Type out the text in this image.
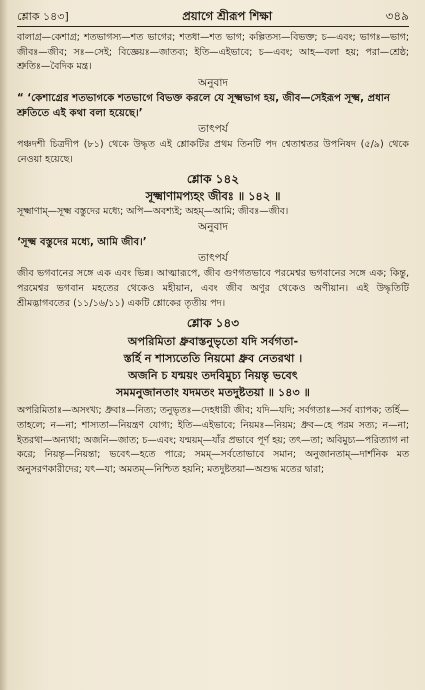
শ্লোক ১৪৩]	প্রয়াগে শ্রীরূপ শিক্ষা	৩৪৯

বালাগ্র—কেশাগ্র; শতভাগস্য—শত ভাগের; শতধা—শত ভাগ; কল্পিতস্য—বিভক্ত; চ—এবং; ভাগঃ—ভাগ; জীবঃ—জীব; সঃ—সেই; বিজ্ঞেয়ঃ—জাতব্য; ইতি—এইভাবে; চ—এবং; আহ—বলা হয়; পরা—শ্রেষ্ঠ; শ্রুতিঃ—বৈদিক মন্ত্র।

অনুবাদ

“ ‘কেশাগ্রের শতভাগকে শতভাগে বিভক্ত করলে যে সূক্ষ্মভাগ হয়, জীব—সেইরূপ সূক্ষ্ম, প্রধান শ্রুতিতে এই কথা বলা হয়েছে।’

তাৎপর্য

পঞ্চদশী চিত্রদীপ (৮১) থেকে উদ্ধৃত এই শ্লোকটির প্রথম তিনটি পদ শ্বেতাশ্বতর উপনিষদ (৫/৯) থেকে নেওয়া হয়েছে।

শ্লোক ১৪২

সূক্ষ্মাণামপ্যহং জীবঃ ॥ ১৪২ ॥

সূক্ষ্মাণাম্—সূক্ষ্ম বস্তুদের মধ্যে; অপি—অবশ্যই; অহম্—আমি; জীবঃ—জীব।

অনুবাদ

‘সূক্ষ্ম বস্তুদের মধ্যে, আমি জীব।’

তাৎপর্য

জীব ভগবানের সঙ্গে এক এবং ভিন্ন। আত্মারূপে, জীব গুণগতভাবে পরমেশ্বর ভগবানের সঙ্গে এক; কিন্তু, পরমেশ্বর ভগবান মহতের থেকেও মহীয়ান, এবং জীব অণুর থেকেও অণীয়ান। এই উদ্ধৃতিটি শ্রীমদ্ভাগবতের (১১/১৬/১১) একটি শ্লোকের তৃতীয় পদ।

শ্লোক ১৪৩

অপরিমিতা ধ্রুবাস্তনুভৃতো যদি সর্বগতা-
স্তর্হি ন শাস্যতেতি নিয়মো ধ্রুব নেতরথা ।
অজনি চ যন্ময়ং তদবিমুচ্য নিয়ন্তৃ ভবেৎ
সমমনুজানতাং যদমতং মতদুষ্টতয়া ॥ ১৪৩ ॥

অপরিমিতাঃ—অসংখ্য; ধ্রুবাঃ—নিত্য; তনুভৃতঃ—দেহধারী জীব; যদি—যদি; সর্বগতাঃ—সর্ব ব্যাপক; তর্হি—তাহলে; ন—না; শাস্যতা—নিয়ন্ত্রণ যোগ্য; ইতি—এইভাবে; নিয়মঃ—নিয়ম; ধ্রুব—হে পরম সত্য; ন—না; ইতরথা—অন্যথা; অজনি—জাত; চ—এবং; যন্ময়ম্—যাঁর প্রভাবে পূর্ণ হয়; তৎ—তা; অবিমুচ্য—পরিত্যাগ না করে; নিয়ন্তৃ—নিয়ন্তা; ভবেৎ—হতে পারে; সমম্—সর্বতোভাবে সমান; অনুজানতাম্—দার্শনিক মত অনুসরণকারীদের; যৎ—যা; অমতম্—নিশ্চিত হয়নি; মতদুষ্টতয়া—অশুদ্ধ মতের দ্বারা;
